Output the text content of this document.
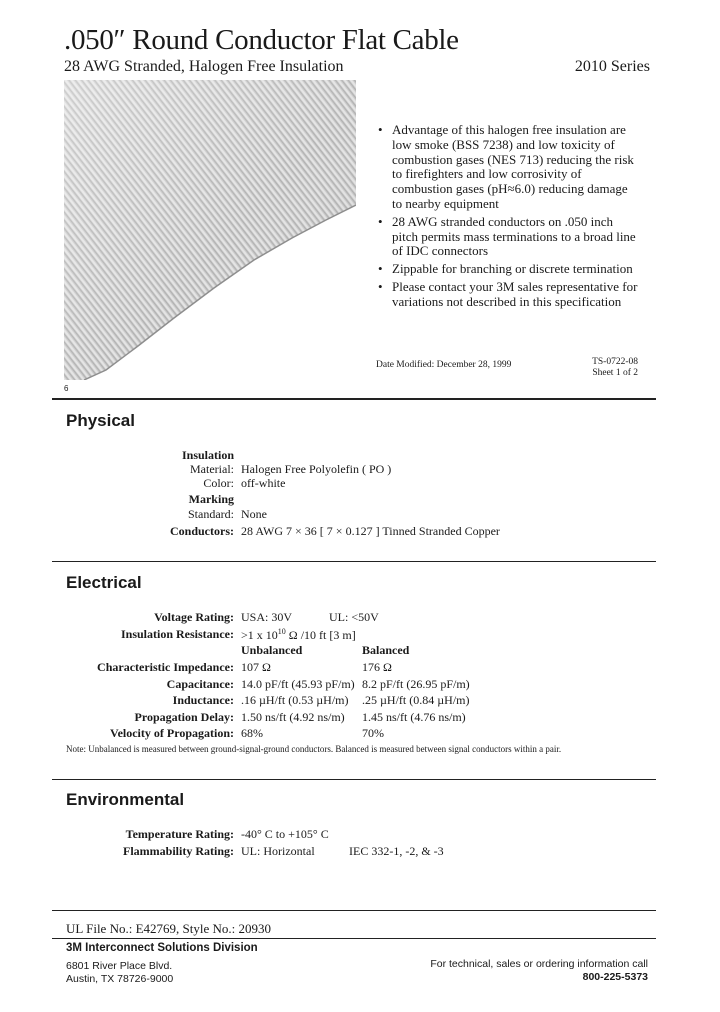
.050″ Round Conductor Flat Cable
28 AWG Stranded, Halogen Free Insulation	2010 Series
6
• Advantage of this halogen free insulation are low smoke (BSS 7238) and low toxicity of combustion gases (NES 713) reducing the risk to firefighters and low corrosivity of combustion gases (pH≈6.0) reducing damage to nearby equipment
• 28 AWG stranded conductors on .050 inch pitch permits mass terminations to a broad line of IDC connectors
• Zippable for branching or discrete termination
• Please contact your 3M sales representative for variations not described in this specification
Date Modified: December 28, 1999	TS-0722-08
Sheet 1 of 2
Physical
Insulation
Material: Halogen Free Polyolefin ( PO )
Color: off-white
Marking
Standard: None
Conductors: 28 AWG 7 × 36 [ 7 × 0.127 ] Tinned Stranded Copper
Electrical
Voltage Rating: USA: 30V	UL: <50V
Insulation Resistance: >1 x $10^{10}$ Ω /10 ft [3 m]
Unbalanced	Balanced
Characteristic Impedance: 107 Ω	176 Ω
Capacitance: 14.0 pF/ft (45.93 pF/m) 8.2 pF/ft (26.95 pF/m)
Inductance: .16 µH/ft (0.53 µH/m) .25 µH/ft (0.84 µH/m)
Propagation Delay: 1.50 ns/ft (4.92 ns/m) 1.45 ns/ft (4.76 ns/m)
Velocity of Propagation: 68%	70%
Note: Unbalanced is measured between ground-signal-ground conductors. Balanced is measured between signal conductors within a pair.
Environmental
Temperature Rating: -40° C to +105° C
Flammability Rating: UL: Horizontal	IEC 332-1, -2, & -3
UL File No.: E42769, Style No.: 20930
3M Interconnect Solutions Division
6801 River Place Blvd.
Austin, TX 78726-9000
For technical, sales or ordering information call
800-225-5373
